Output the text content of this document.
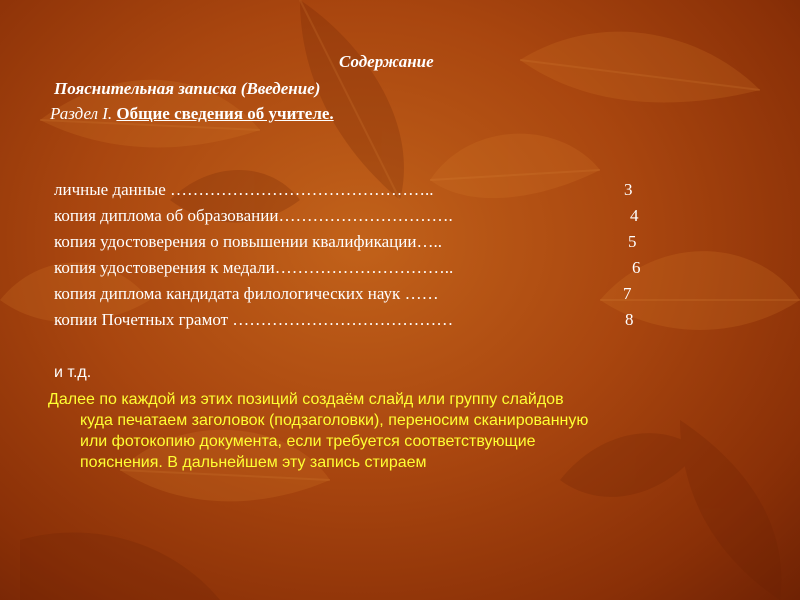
Содержание
Пояснительная записка (Введение)
Раздел I. Общие сведения об учителе.
личные данные ………………………………………..	3
копия диплома об образовании………………………….	4
копия удостоверения о повышении квалификации…..	5
копия удостоверения к медали…………………………..	6
копия диплома кандидата филологических наук ……	7
копии Почетных грамот …………………………………	8
и т.д.
Далее по каждой из этих позиций создаём слайд или группу слайдов
куда печатаем заголовок (подзаголовки), переносим сканированную
или фотокопию документа, если требуется соответствующие
пояснения. В дальнейшем эту запись стираем
